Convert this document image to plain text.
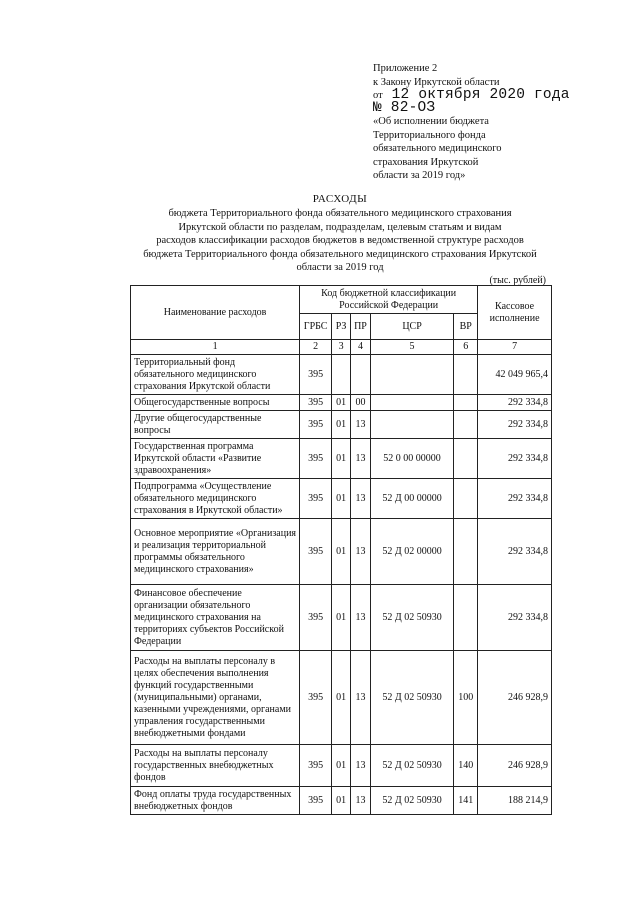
Приложение 2
к Закону Иркутской области
от 12 октября 2020 года
№ 82-ОЗ
«Об исполнении бюджета
Территориального фонда
обязательного медицинского
страхования Иркутской
области за 2019 год»
РАСХОДЫ
бюджета Территориального фонда обязательного медицинского страхования
Иркутской области по разделам, подразделам, целевым статьям и видам
расходов классификации расходов бюджетов в ведомственной структуре расходов
бюджета Территориального фонда обязательного медицинского страхования Иркутской
области за 2019 год
(тыс. рублей)
Наименование расходов	Код бюджетной классификации Российской Федерации					Кассовое исполнение
	ГРБС	РЗ	ПР	ЦСР	ВР	
1	2	3	4	5	6	7
Территориальный фонд обязательного медицинского страхования Иркутской области	395					42 049 965,4
Общегосударственные вопросы	395	01	00			292 334,8
Другие общегосударственные вопросы	395	01	13			292 334,8
Государственная программа Иркутской области «Развитие здравоохранения»	395	01	13	52 0 00 00000		292 334,8
Подпрограмма «Осуществление обязательного медицинского страхования в Иркутской области»	395	01	13	52 Д 00 00000		292 334,8
Основное мероприятие «Организация и реализация территориальной программы обязательного медицинского страхования»	395	01	13	52 Д 02 00000		292 334,8
Финансовое обеспечение организации обязательного медицинского страхования на территориях субъектов Российской Федерации	395	01	13	52 Д 02 50930		292 334,8
Расходы на выплаты персоналу в целях обеспечения выполнения функций государственными (муниципальными) органами, казенными учреждениями, органами управления государственными внебюджетными фондами	395	01	13	52 Д 02 50930	100	246 928,9
Расходы на выплаты персоналу государственных внебюджетных фондов	395	01	13	52 Д 02 50930	140	246 928,9
Фонд оплаты труда государственных внебюджетных фондов	395	01	13	52 Д 02 50930	141	188 214,9
